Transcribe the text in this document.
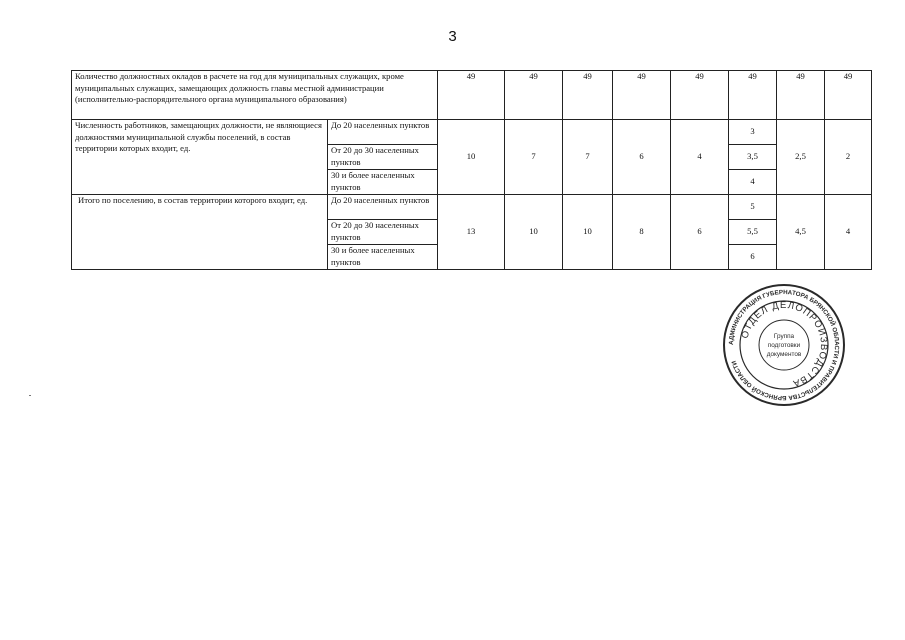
3
Количество должностных окладов в расчете на год для муниципальных служащих, кроме муниципальных служащих, замещающих должность главы местной администрации (исполнительно-распорядительного органа муниципального образования)		49	49	49	49	49	49	49	49
Численность работников, замещающих должности, не являющиеся должностями муниципальной службы поселений, в состав территории которых входит, ед.	До 20 населенных пунктов	10	7	7	6	4	3	2,5	2
	От 20 до 30 населенных пунктов						3,5		
	30 и более населенных пунктов						4		
Итого по поселению, в состав территории которого входит, ед.	До 20 населенных пунктов	13	10	10	8	6	5	4,5	4
	От 20 до 30 населенных пунктов						5,5		
	30 и более населенных пунктов						6		
АДМИНИСТРАЦИЯ ГУБЕРНАТОРА БРЯНСКОЙ ОБЛАСТИ И ПРАВИТЕЛЬСТВА БРЯНСКОЙ ОБЛАСТИ
ОТДЕЛ ДЕЛОПРОИЗВОДСТВА
Группа
подготовки
документов
